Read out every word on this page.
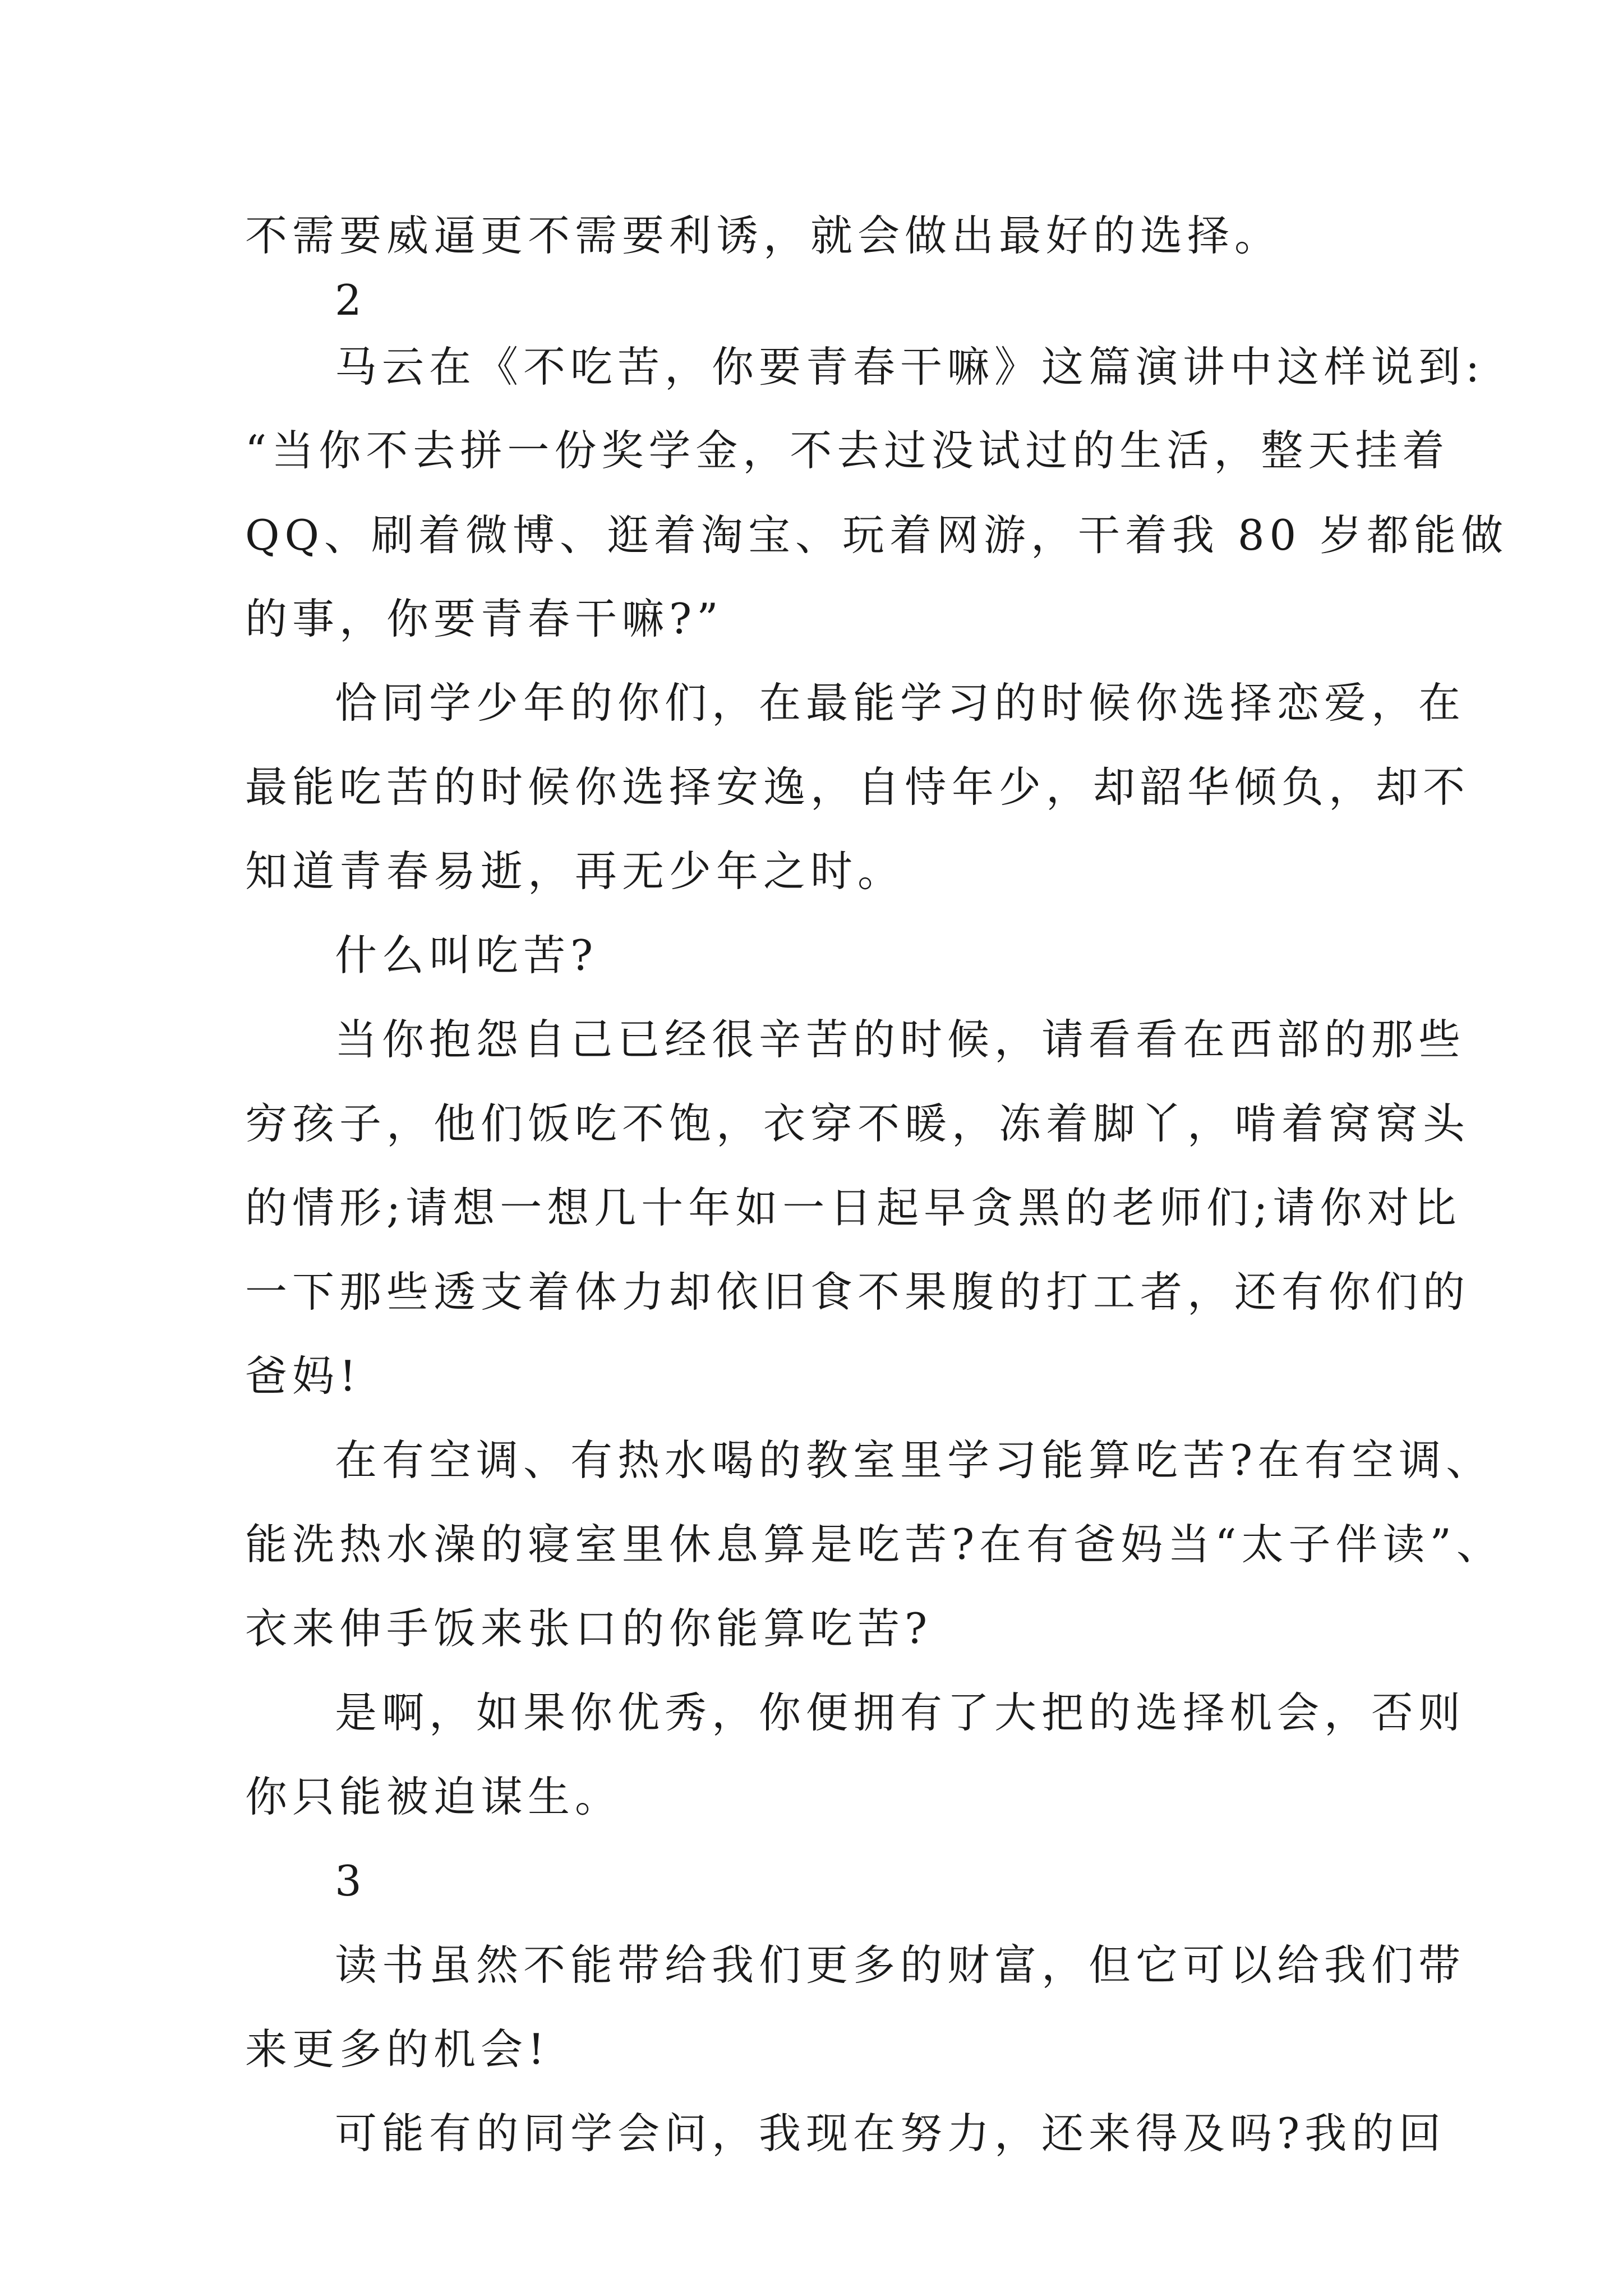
不需要威逼更不需要利诱，就会做出最好的选择。
2
马云在《不吃苦，你要青春干嘛》这篇演讲中这样说到:
“当你不去拼一份奖学金，不去过没试过的生活，整天挂着
QQ、刷着微博、逛着淘宝、玩着网游，干着我 80 岁都能做
的事，你要青春干嘛?”
恰同学少年的你们，在最能学习的时候你选择恋爱，在
最能吃苦的时候你选择安逸，自恃年少，却韶华倾负，却不
知道青春易逝，再无少年之时。
什么叫吃苦?
当你抱怨自己已经很辛苦的时候，请看看在西部的那些
穷孩子，他们饭吃不饱，衣穿不暖，冻着脚丫，啃着窝窝头
的情形;请想一想几十年如一日起早贪黑的老师们;请你对比
一下那些透支着体力却依旧食不果腹的打工者，还有你们的
爸妈!
在有空调、有热水喝的教室里学习能算吃苦?在有空调、
能洗热水澡的寝室里休息算是吃苦?在有爸妈当“太子伴读”、
衣来伸手饭来张口的你能算吃苦?
是啊，如果你优秀，你便拥有了大把的选择机会，否则
你只能被迫谋生。
3
读书虽然不能带给我们更多的财富，但它可以给我们带
来更多的机会!
可能有的同学会问，我现在努力，还来得及吗?我的回
